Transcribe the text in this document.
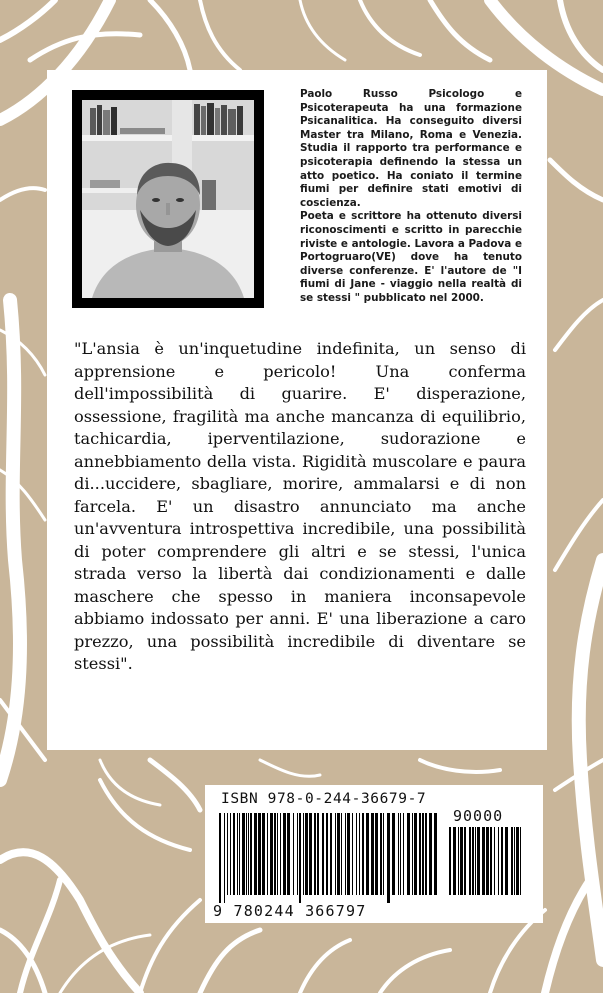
Paolo Russo Psicologo e Psicoterapeuta ha una formazione Psicanalitica. Ha conseguito diversi Master tra Milano, Roma e Venezia. Studia il rapporto tra performance e psicoterapia definendo la stessa un atto poetico. Ha coniato il termine fiumi per definire stati emotivi di coscienza.

Poeta e scrittore ha ottenuto diversi riconoscimenti e scritto in parecchie riviste e antologie. Lavora a Padova e Portogruaro(VE) dove ha tenuto diverse conferenze. E' l'autore de "I fiumi di Jane - viaggio nella realtà di se stessi " pubblicato nel 2000.

"L'ansia è un'inquetudine indefinita, un senso di apprensione e pericolo! Una conferma dell'impossibilità di guarire. E' disperazione, ossessione, fragilità ma anche mancanza di equilibrio, tachicardia, iperventilazione, sudorazione e annebbiamento della vista. Rigidità muscolare e paura di...uccidere, sbagliare, morire, ammalarsi e di non farcela. E' un disastro annunciato ma anche un'avventura introspettiva incredibile, una possibilità di poter comprendere gli altri e se stessi, l'unica strada verso la libertà dai condizionamenti e dalle maschere che spesso in maniera inconsapevole abbiamo indossato per anni. E' una liberazione a caro prezzo, una possibilità incredibile di diventare se stessi".

ISBN 978-0-244-36679-7
90000
9 780244 366797
